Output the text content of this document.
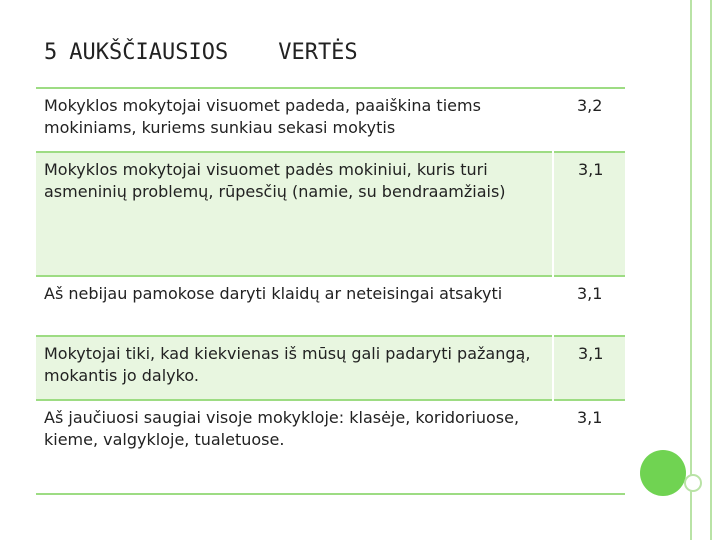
5 AUKŠČIAUSIOS VERTĖS
Mokyklos mokytojai visuomet padeda, paaiškina tiems mokiniams, kuriems sunkiau sekasi mokytis	3,2
Mokyklos mokytojai visuomet padės mokiniui, kuris turi asmeninių problemų, rūpesčių (namie, su bendraamžiais)	3,1
Aš nebijau pamokose daryti klaidų ar neteisingai atsakyti	3,1
Mokytojai tiki, kad kiekvienas iš mūsų gali padaryti pažangą, mokantis jo dalyko.	3,1
Aš jaučiuosi saugiai visoje mokykloje: klasėje, koridoriuose, kieme, valgykloje, tualetuose.	3,1
